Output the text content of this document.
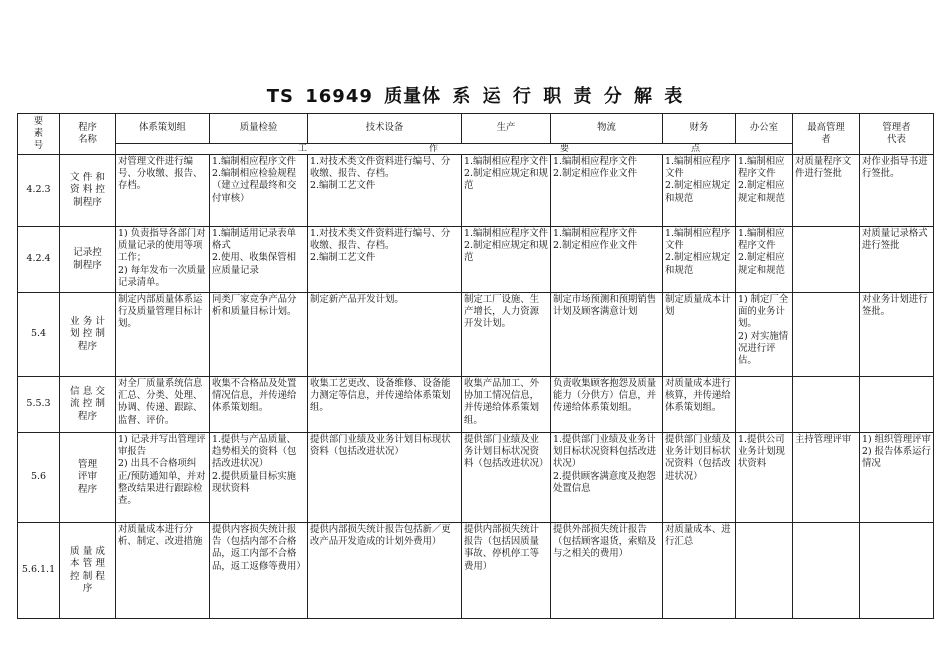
TS 16949 质量体 系 运 行 职 责 分 解 表
要
素
号	程序
名称	体系策划组	质量检验	技术设备	生产	物流	财务	办公室	最高管理
者	管理者
代表

		工 作 要 点								

4.2.3	文 件 和
资 料 控
制程序	对管理文件进行编号、分收缴、报告、存档。	1.编制相应程序文件
2.编制相应检验规程（建立过程最终和交付审核）	1.对技术类文件资料进行编号、分收缴、报告、存档。
2.编制工艺文件	1.编制相应程序文件
2.制定相应规定和规范	1.编制相应程序文件
2.制定相应作业文件	1.编制相应程序文件
2.制定相应规定和规范	1.编制相应程序文件
2.制定相应规定和规范	对质量程序文件进行签批	对作业指导书进行签批。

4.2.4	记录控
制程序	1) 负责指导各部门对质量记录的使用等项工作；
2) 每年发布一次质量记录清单。	1.编制适用记录表单格式
2.使用、收集保管相应质量记录	1.对技术类文件资料进行编号、分收缴、报告、存档。
2.编制工艺文件	1.编制相应程序文件
2.制定相应规定和规范	1.编制相应程序文件
2.制定相应作业文件	1.编制相应程序文件
2.制定相应规定和规范	1.编制相应程序文件
2.制定相应规定和规范		对质量记录格式进行签批

5.4	业 务 计
划 控 制
程序	制定内部质量体系运行及质量管理目标计划。	同类厂家竞争产品分析和质量目标计划。	制定新产品开发计划。	制定工厂设施、生产增长，人力资源开发计划。	制定市场预测和预期销售计划及顾客满意计划	制定质量成本计划	1) 制定厂全面的业务计划。
2) 对实施情况进行评估。		对业务计划进行签批。

5.5.3	信 息 交
流 控 制
程序	对全厂质量系统信息汇总、分类、处理、协调、传递、跟踪、监督、评价。	收集不合格品及处置情况信息，并传递给体系策划组。	收集工艺更改、设备维修、设备能力测定等信息，并传递给体系策划组。	收集产品加工、外协加工情况信息，并传递给体系策划组。	负责收集顾客抱怨及质量能力（分供方）信息，并传递给体系策划组。	对质量成本进行核算，并传递给体系策划组。			

5.6	管理
评审
程序	1) 记录并写出管理评审报告
2) 出具不合格项纠正/预防通知单，并对整改结果进行跟踪检查。	1.提供与产品质量、趋势相关的资料（包括改进状况）
2.提供质量目标实施现状资料	提供部门业绩及业务计划目标现状资料（包括改进状况）	提供部门业绩及业务计划目标状况资料（包括改进状况）	1.提供部门业绩及业务计划目标状况资料包括改进状况）
2.提供顾客满意度及抱怨处置信息	提供部门业绩及业务计划目标状况资料（包括改进状况）	1.提供公司业务计划现状资料	主持管理评审	1) 组织管理评审
2) 报告体系运行情况

5.6.1.1	质 量 成
本 管 理
控 制 程
序	对质量成本进行分析、制定、改进措施	提供内容损失统计报告（包括内部不合格品，返工内部不合格品，返工返修等费用）	提供内部损失统计报告包括新／更改产品开发造成的计划外费用）	提供内部损失统计报告（包括因质量事故、停机停工等费用）	提供外部损失统计报告（包括顾客退货，索赔及与之相关的费用）	对质量成本、进行汇总			
